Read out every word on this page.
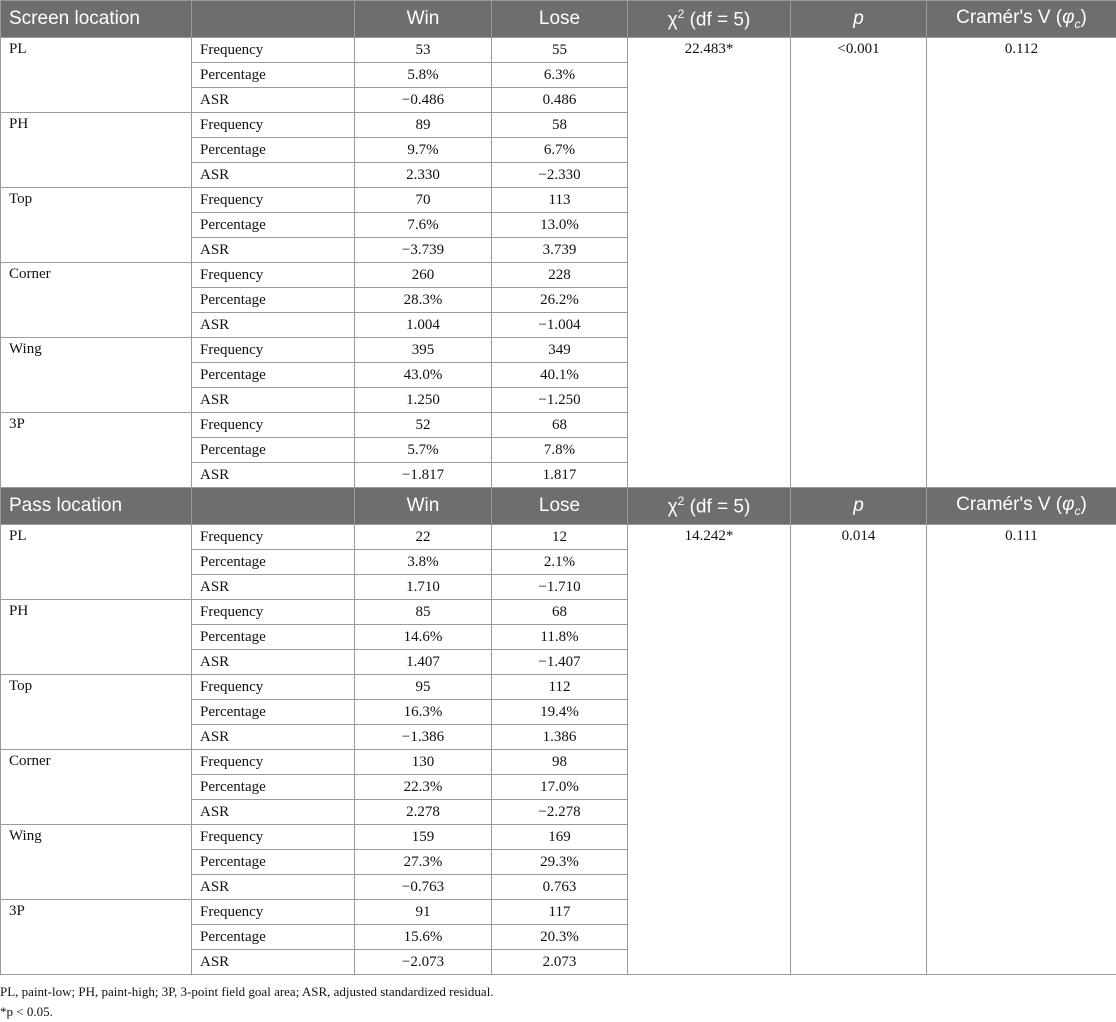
Screen location		Win	Lose	$\chi^2$ (df = 5)	p	Cramér's V $(\varphi_c)$
PL	Frequency	53	55	22.483*	<0.001	0.112
	Percentage	5.8%	6.3%			
	ASR	−0.486	0.486			
PH	Frequency	89	58			
	Percentage	9.7%	6.7%			
	ASR	2.330	−2.330			
Top	Frequency	70	113			
	Percentage	7.6%	13.0%			
	ASR	−3.739	3.739			
Corner	Frequency	260	228			
	Percentage	28.3%	26.2%			
	ASR	1.004	−1.004			
Wing	Frequency	395	349			
	Percentage	43.0%	40.1%			
	ASR	1.250	−1.250			
3P	Frequency	52	68			
	Percentage	5.7%	7.8%			
	ASR	−1.817	1.817			
Pass location		Win	Lose	$\chi^2$ (df = 5)	p	Cramér's V $(\varphi_c)$
PL	Frequency	22	12	14.242*	0.014	0.111
	Percentage	3.8%	2.1%			
	ASR	1.710	−1.710			
PH	Frequency	85	68			
	Percentage	14.6%	11.8%			
	ASR	1.407	−1.407			
Top	Frequency	95	112			
	Percentage	16.3%	19.4%			
	ASR	−1.386	1.386			
Corner	Frequency	130	98			
	Percentage	22.3%	17.0%			
	ASR	2.278	−2.278			
Wing	Frequency	159	169			
	Percentage	27.3%	29.3%			
	ASR	−0.763	0.763			
3P	Frequency	91	117			
	Percentage	15.6%	20.3%			
	ASR	−2.073	2.073			
PL, paint-low; PH, paint-high; 3P, 3-point field goal area; ASR, adjusted standardized residual.
*p < 0.05.
